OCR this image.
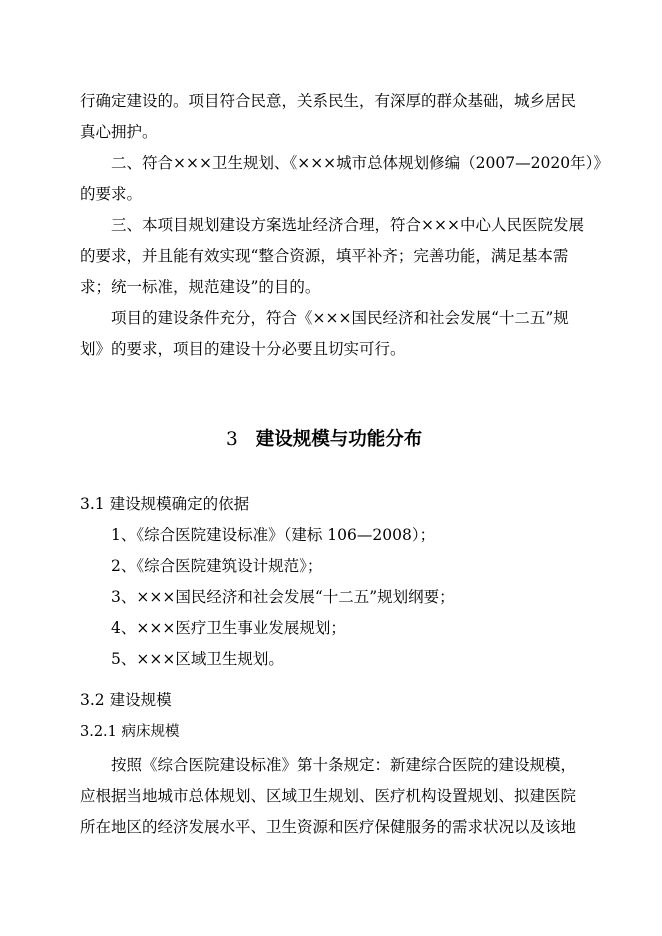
行确定建设的。项目符合民意，关系民生，有深厚的群众基础，城乡居民

真心拥护。

二、符合×××卫生规划、《×××城市总体规划修编（2007—2020年）》

的要求。

三、本项目规划建设方案选址经济合理，符合×××中心人民医院发展

的要求，并且能有效实现“整合资源，填平补齐；完善功能，满足基本需

求；统一标准，规范建设”的目的。

项目的建设条件充分，符合《×××国民经济和社会发展“十二五”规

划》的要求，项目的建设十分必要且切实可行。

3 建设规模与功能分布

3.1 建设规模确定的依据

1、《综合医院建设标准》（建标 106—2008）；

2、《综合医院建筑设计规范》；

3、×××国民经济和社会发展“十二五”规划纲要；

4、×××医疗卫生事业发展规划；

5、×××区域卫生规划。

3.2 建设规模

3.2.1 病床规模

按照《综合医院建设标准》第十条规定：新建综合医院的建设规模，

应根据当地城市总体规划、区域卫生规划、医疗机构设置规划、拟建医院

所在地区的经济发展水平、卫生资源和医疗保健服务的需求状况以及该地
